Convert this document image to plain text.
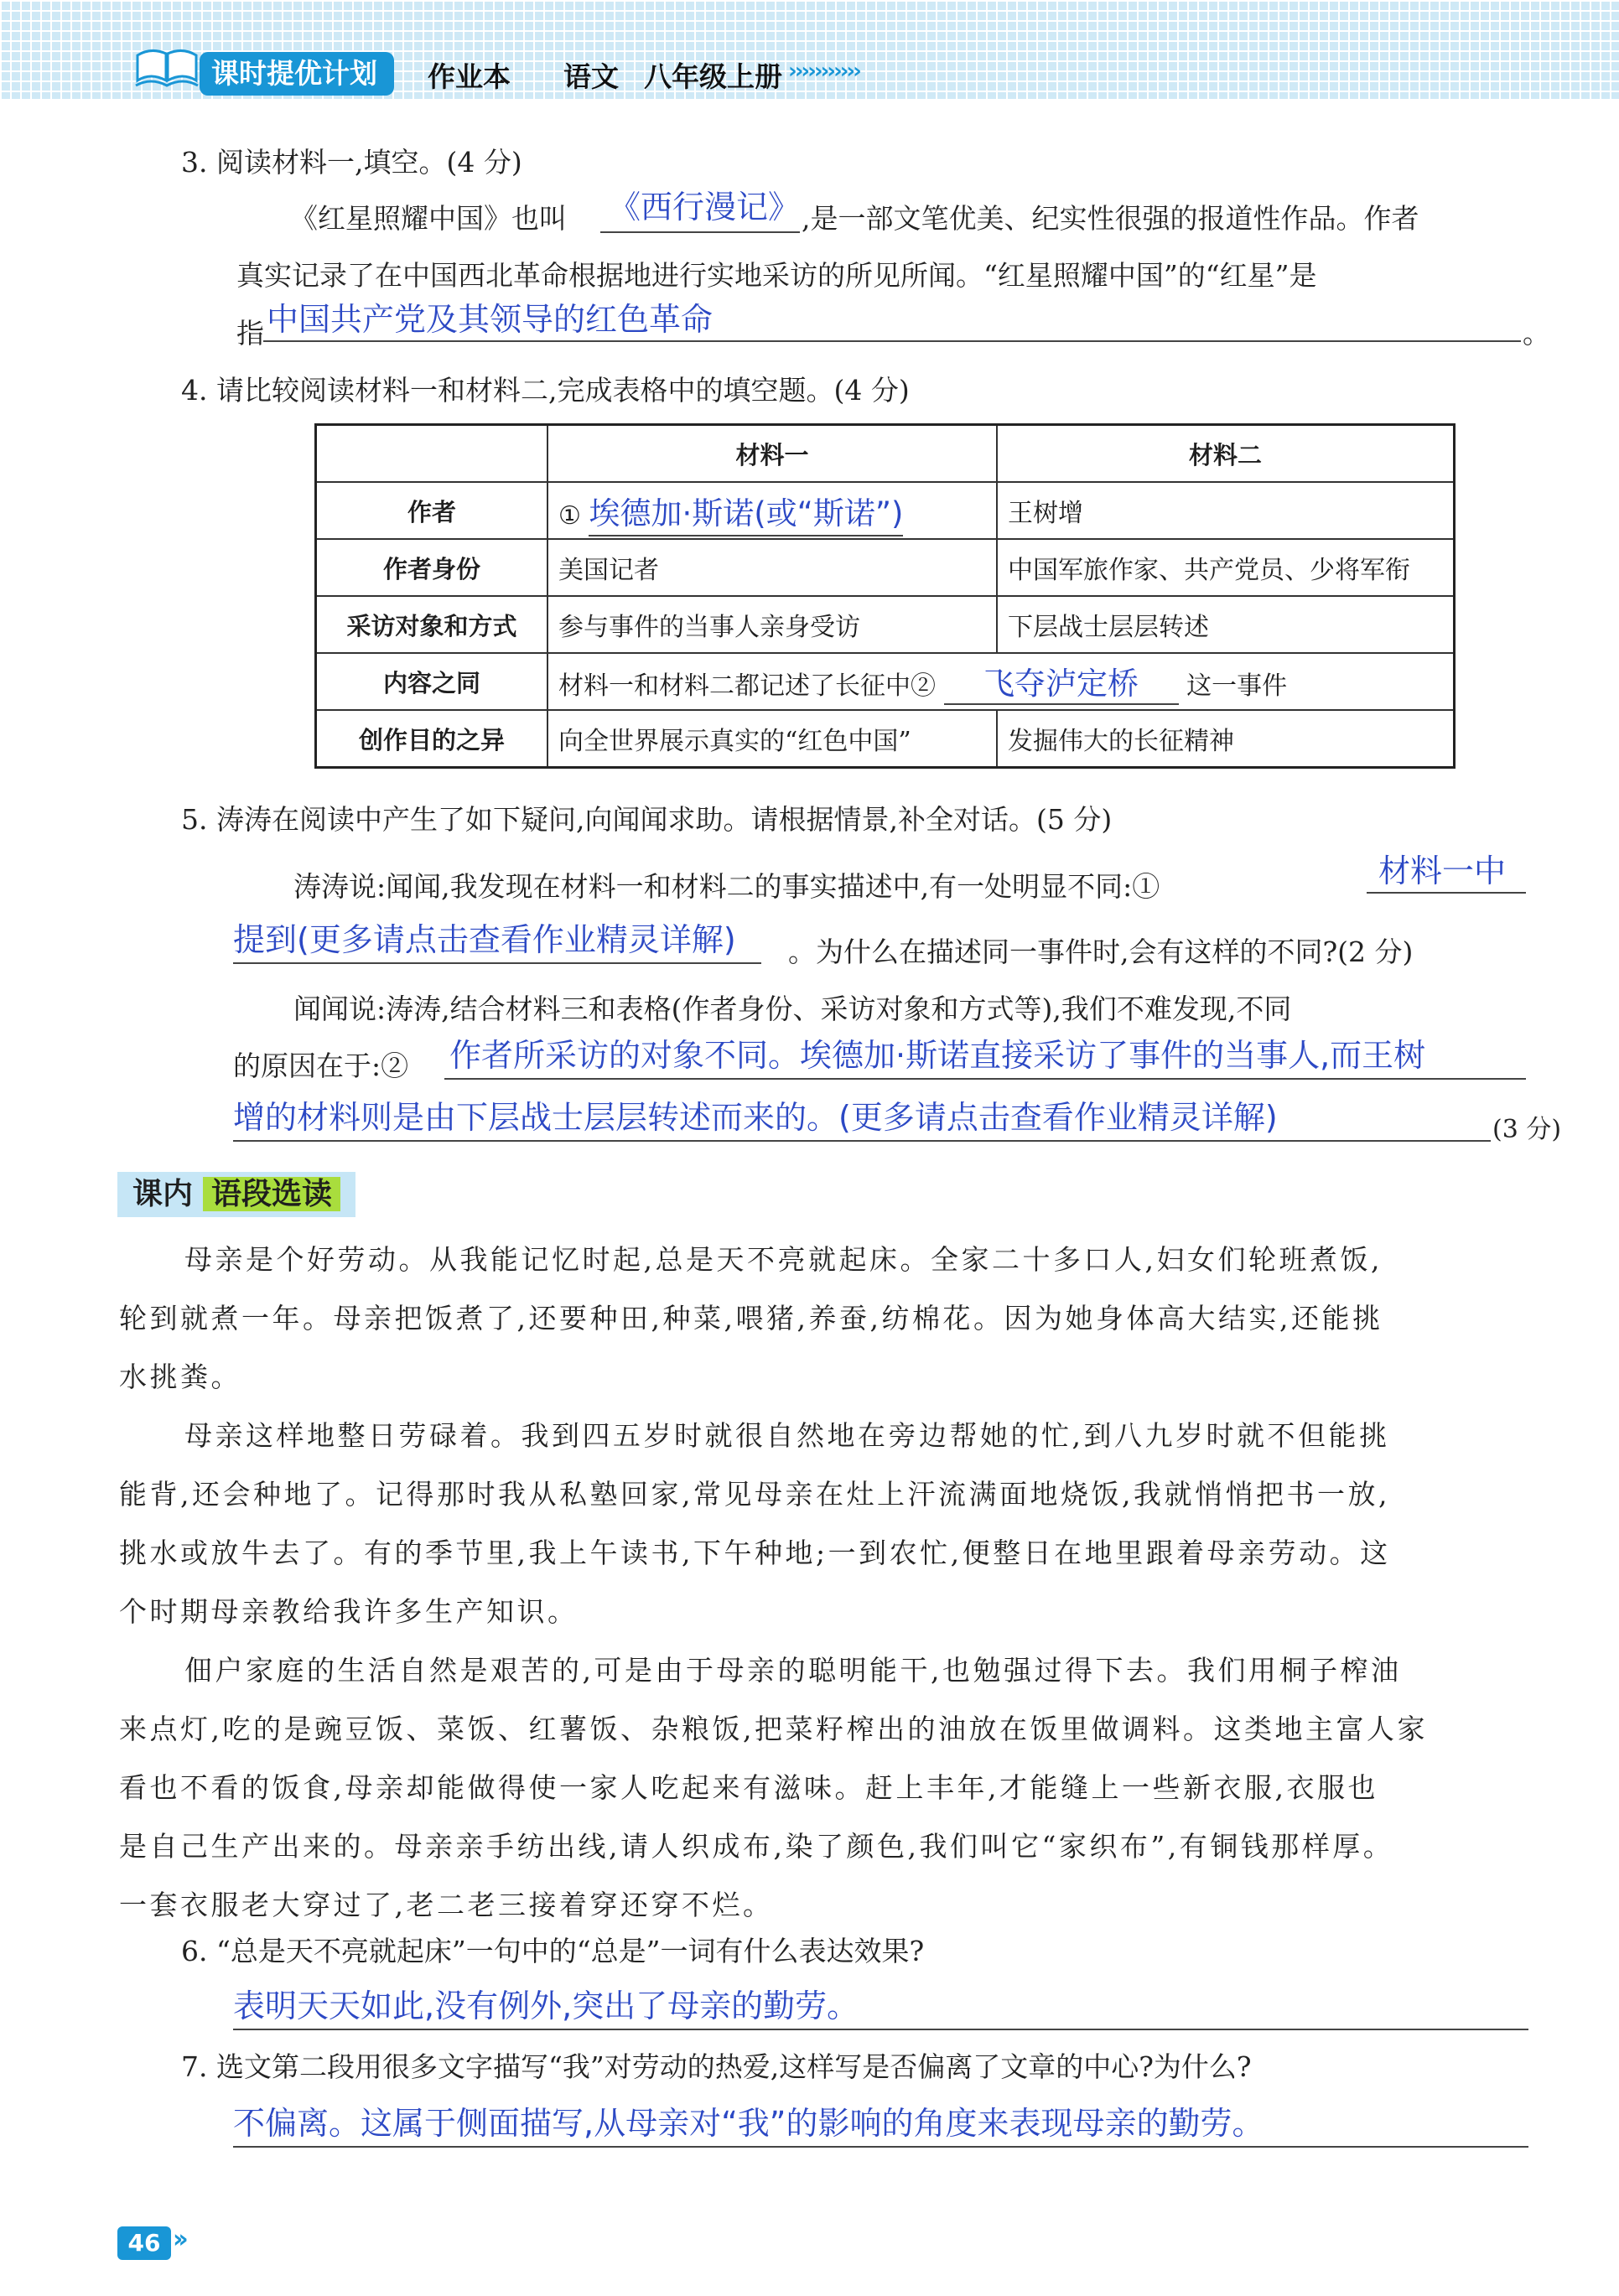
课时提优计划	作业本 语文 八年级上册 ›››››››››››
3. 阅读材料一,填空。(4 分)
《红星照耀中国》也叫 《西行漫记》 ,是一部文笔优美、纪实性很强的报道性作品。作者
真实记录了在中国西北革命根据地进行实地采访的所见所闻。“红星照耀中国”的“红星”是
指 中国共产党及其领导的红色革命	。
4. 请比较阅读材料一和材料二,完成表格中的填空题。(4 分)
	材料一	材料二
作者	① 埃德加·斯诺(或“斯诺”)	王树增
作者身份	美国记者	中国军旅作家、共产党员、少将军衔
采访对象和方式	参与事件的当事人亲身受访	下层战士层层转述
内容之同	材料一和材料二都记述了长征中② 飞夺泸定桥 这一事件	
创作目的之异	向全世界展示真实的“红色中国”	发掘伟大的长征精神
5. 涛涛在阅读中产生了如下疑问,向闻闻求助。请根据情景,补全对话。(5 分)
涛涛说:闻闻,我发现在材料一和材料二的事实描述中,有一处明显不同:①	材料一中
提到(更多请点击查看作业精灵详解) 。为什么在描述同一事件时,会有这样的不同?(2 分)
闻闻说:涛涛,结合材料三和表格(作者身份、采访对象和方式等),我们不难发现,不同
的原因在于:② 作者所采访的对象不同。埃德加·斯诺直接采访了事件的当事人,而王树
增的材料则是由下层战士层层转述而来的。(更多请点击查看作业精灵详解)	(3 分)
课内 语段选读
母亲是个好劳动。从我能记忆时起,总是天不亮就起床。全家二十多口人,妇女们轮班煮饭,
轮到就煮一年。母亲把饭煮了,还要种田,种菜,喂猪,养蚕,纺棉花。因为她身体高大结实,还能挑
水挑粪。
母亲这样地整日劳碌着。我到四五岁时就很自然地在旁边帮她的忙,到八九岁时就不但能挑
能背,还会种地了。记得那时我从私塾回家,常见母亲在灶上汗流满面地烧饭,我就悄悄把书一放,
挑水或放牛去了。有的季节里,我上午读书,下午种地;一到农忙,便整日在地里跟着母亲劳动。这
个时期母亲教给我许多生产知识。
佃户家庭的生活自然是艰苦的,可是由于母亲的聪明能干,也勉强过得下去。我们用桐子榨油
来点灯,吃的是豌豆饭、菜饭、红薯饭、杂粮饭,把菜籽榨出的油放在饭里做调料。这类地主富人家
看也不看的饭食,母亲却能做得使一家人吃起来有滋味。赶上丰年,才能缝上一些新衣服,衣服也
是自己生产出来的。母亲亲手纺出线,请人织成布,染了颜色,我们叫它“家织布”,有铜钱那样厚。
一套衣服老大穿过了,老二老三接着穿还穿不烂。
6. “总是天不亮就起床”一句中的“总是”一词有什么表达效果?
表明天天如此,没有例外,突出了母亲的勤劳。
7. 选文第二段用很多文字描写“我”对劳动的热爱,这样写是否偏离了文章的中心?为什么?
不偏离。这属于侧面描写,从母亲对“我”的影响的角度来表现母亲的勤劳。
46 ››
